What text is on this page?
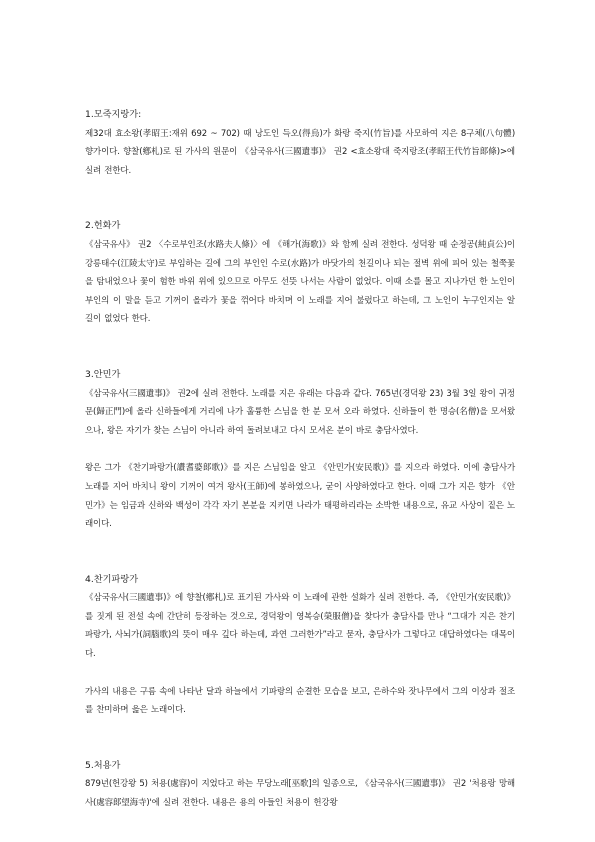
1.모죽지랑가:

제32대 효소왕(孝昭王:재위 692 ~ 702) 때 낭도인 득오(得烏)가 화랑 죽지(竹旨)를 사모하여 지은 8구체(八句體) 향가이다. 향찰(鄕札)로 된 가사의 원문이 《삼국유사(三國遺事)》 권2 <효소왕대 죽지랑조(孝昭王代竹旨郞條)>에 실려 전한다.

2.헌화가

《삼국유사》 권2 〈수로부인조(水路夫人條)〉에 《해가(海歌)》와 함께 실려 전한다. 성덕왕 때 순정공(純貞公)이 강릉태수(江陵太守)로 부임하는 길에 그의 부인인 수로(水路)가 바닷가의 천길이나 되는 절벽 위에 피어 있는 철쭉꽃을 탐내었으나 꽃이 험한 바위 위에 있으므로 아무도 선뜻 나서는 사람이 없었다. 이때 소를 몰고 지나가던 한 노인이 부인의 이 말을 듣고 기꺼이 올라가 꽃을 꺾어다 바치며 이 노래를 지어 불렀다고 하는데, 그 노인이 누구인지는 알 길이 없었다 한다.

3.안민가

《삼국유사(三國遺事)》 권2에 실려 전한다. 노래를 지은 유래는 다음과 같다. 765년(경덕왕 23) 3월 3일 왕이 귀정문(歸正門)에 올라 신하들에게 거리에 나가 훌륭한 스님을 한 분 모셔 오라 하였다. 신하들이 한 명승(名僧)을 모셔왔으나, 왕은 자기가 찾는 스님이 아니라 하여 돌려보내고 다시 모셔온 분이 바로 충담사였다.

왕은 그가 《찬기파랑가(讚耆婆郞歌)》를 지은 스님임을 알고 《안민가(安民歌)》를 지으라 하였다. 이에 충담사가 노래를 지어 바치니 왕이 기꺼이 여겨 왕사(王師)에 봉하였으나, 굳이 사양하였다고 한다. 이때 그가 지은 향가 《안민가》는 임금과 신하와 백성이 각각 자기 본분을 지키면 나라가 태평하리라는 소박한 내용으로, 유교 사상이 짙은 노래이다.

4.찬기파랑가

《삼국유사(三國遺事)》에 향찰(鄕札)로 표기된 가사와 이 노래에 관한 설화가 실려 전한다. 즉, 《안민가(安民歌)》를 짓게 된 전설 속에 간단히 등장하는 것으로, 경덕왕이 영복승(榮服僧)을 찾다가 충담사를 만나 “그대가 지은 찬기파랑가, 사뇌가(詞腦歌)의 뜻이 매우 깊다 하는데, 과연 그러한가”라고 묻자, 충담사가 그렇다고 대답하였다는 대목이다.

가사의 내용은 구름 속에 나타난 달과 하늘에서 기파랑의 순결한 모습을 보고, 은하수와 잣나무에서 그의 이상과 절조를 찬미하며 읊은 노래이다.

5.처용가

879년(헌강왕 5) 처용(處容)이 지었다고 하는 무당노래[巫歌]의 일종으로, 《삼국유사(三國遺事)》 권2 '처용랑 망해사(處容郞望海寺)'에 실려 전한다. 내용은 용의 아들인 처용이 헌강왕
